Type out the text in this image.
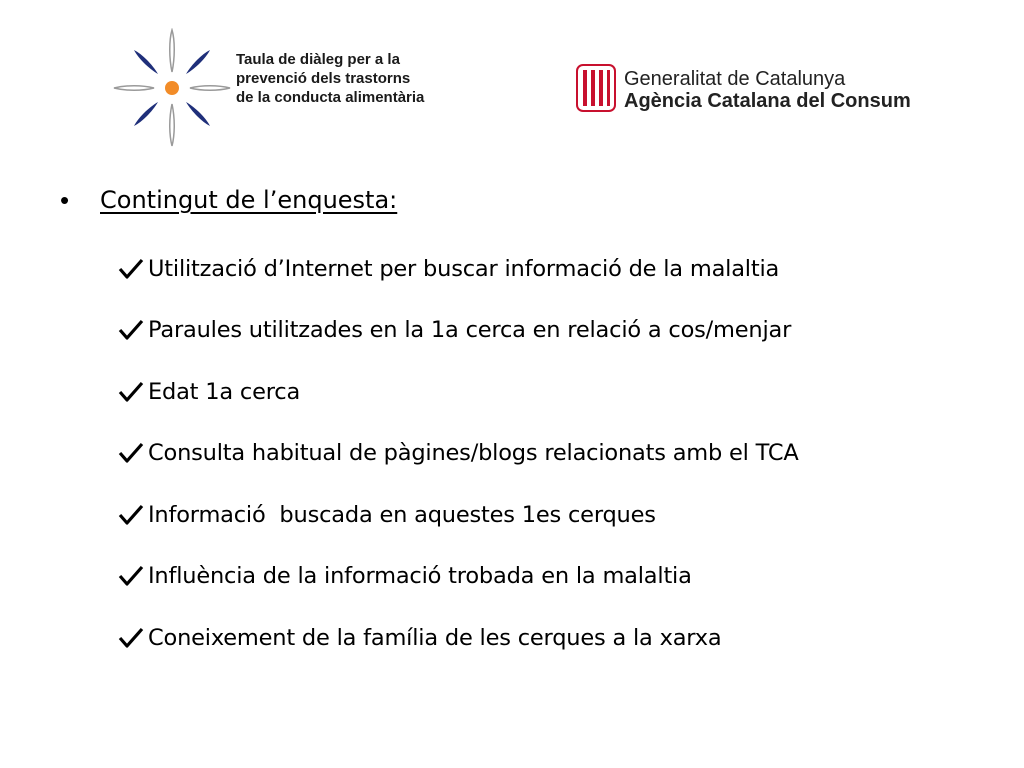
Taula de diàleg per a la
prevenció dels trastorns
de la conducta alimentària
Generalitat de Catalunya
Agència Catalana del Consum
•	Contingut de l’enquesta:
Utilització d’Internet per buscar informació de la malaltia
Paraules utilitzades en la 1a cerca en relació a cos/menjar
Edat 1a cerca
Consulta habitual de pàgines/blogs relacionats amb el TCA
Informació  buscada en aquestes 1es cerques
Influència de la informació trobada en la malaltia
Coneixement de la família de les cerques a la xarxa
